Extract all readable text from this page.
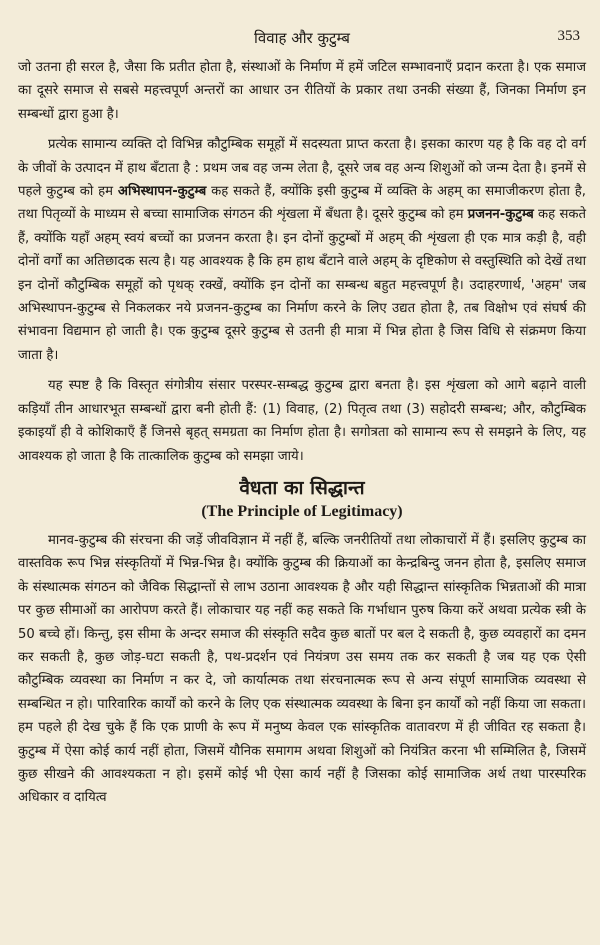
विवाह और कुटुम्ब	353

जो उतना ही सरल है, जैसा कि प्रतीत होता है, संस्थाओं के निर्माण में हमें जटिल सम्भावनाएँ प्रदान करता है। एक समाज का दूसरे समाज से सबसे महत्त्वपूर्ण अन्तरों का आधार उन रीतियों के प्रकार तथा उनकी संख्या हैं, जिनका निर्माण इन सम्बन्धों द्वारा हुआ है।

प्रत्येक सामान्य व्यक्ति दो विभिन्न कौटुम्बिक समूहों में सदस्यता प्राप्त करता है। इसका कारण यह है कि वह दो वर्ग के जीवों के उत्पादन में हाथ बँटाता है : प्रथम जब वह जन्म लेता है, दूसरे जब वह अन्य शिशुओं को जन्म देता है। इनमें से पहले कुटुम्ब को हम अभिस्थापन-कुटुम्ब कह सकते हैं, क्योंकि इसी कुटुम्ब में व्यक्ति के अहम् का समाजीकरण होता है, तथा पितृव्यों के माध्यम से बच्चा सामाजिक संगठन की शृंखला में बँधता है। दूसरे कुटुम्ब को हम प्रजनन-कुटुम्ब कह सकते हैं, क्योंकि यहाँ अहम् स्वयं बच्चों का प्रजनन करता है। इन दोनों कुटुम्बों में अहम् की शृंखला ही एक मात्र कड़ी है, वही दोनों वर्गों का अतिछादक सत्य है। यह आवश्यक है कि हम हाथ बँटाने वाले अहम् के दृष्टिकोण से वस्तुस्थिति को देखें तथा इन दोनों कौटुम्बिक समूहों को पृथक् रक्खें, क्योंकि इन दोनों का सम्बन्ध बहुत महत्त्वपूर्ण है। उदाहरणार्थ, 'अहम' जब अभिस्थापन-कुटुम्ब से निकलकर नये प्रजनन-कुटुम्ब का निर्माण करने के लिए उद्यत होता है, तब विक्षोभ एवं संघर्ष की संभावना विद्यमान हो जाती है। एक कुटुम्ब दूसरे कुटुम्ब से उतनी ही मात्रा में भिन्न होता है जिस विधि से संक्रमण किया जाता है।

यह स्पष्ट है कि विस्तृत संगोत्रीय संसार परस्पर-सम्बद्ध कुटुम्ब द्वारा बनता है। इस शृंखला को आगे बढ़ाने वाली कड़ियाँ तीन आधारभूत सम्बन्धों द्वारा बनी होती हैं: (1) विवाह, (2) पितृत्व तथा (3) सहोदरी सम्बन्ध; और, कौटुम्बिक इकाइयाँ ही वे कोशिकाएँ हैं जिनसे बृहत् समग्रता का निर्माण होता है। सगोत्रता को सामान्य रूप से समझने के लिए, यह आवश्यक हो जाता है कि तात्कालिक कुटुम्ब को समझा जाये।

वैधता का सिद्धान्त
(The Principle of Legitimacy)

मानव-कुटुम्ब की संरचना की जड़ें जीवविज्ञान में नहीं हैं, बल्कि जनरीतियों तथा लोकाचारों में हैं। इसलिए कुटुम्ब का वास्तविक रूप भिन्न संस्कृतियों में भिन्न-भिन्न है। क्योंकि कुटुम्ब की क्रियाओं का केन्द्रबिन्दु जनन होता है, इसलिए समाज के संस्थात्मक संगठन को जैविक सिद्धान्तों से लाभ उठाना आवश्यक है और यही सिद्धान्त सांस्कृतिक भिन्नताओं की मात्रा पर कुछ सीमाओं का आरोपण करते हैं। लोकाचार यह नहीं कह सकते कि गर्भाधान पुरुष किया करें अथवा प्रत्येक स्त्री के 50 बच्चे हों। किन्तु, इस सीमा के अन्दर समाज की संस्कृति सदैव कुछ बातों पर बल दे सकती है, कुछ व्यवहारों का दमन कर सकती है, कुछ जोड़-घटा सकती है, पथ-प्रदर्शन एवं नियंत्रण उस समय तक कर सकती है जब यह एक ऐसी कौटुम्बिक व्यवस्था का निर्माण न कर दे, जो कार्यात्मक तथा संरचनात्मक रूप से अन्य संपूर्ण सामाजिक व्यवस्था से सम्बन्धित न हो। पारिवारिक कार्यों को करने के लिए एक संस्थात्मक व्यवस्था के बिना इन कार्यों को नहीं किया जा सकता। हम पहले ही देख चुके हैं कि एक प्राणी के रूप में मनुष्य केवल एक सांस्कृतिक वातावरण में ही जीवित रह सकता है। कुटुम्ब में ऐसा कोई कार्य नहीं होता, जिसमें यौनिक समागम अथवा शिशुओं को नियंत्रित करना भी सम्मिलित है, जिसमें कुछ सीखने की आवश्यकता न हो। इसमें कोई भी ऐसा कार्य नहीं है जिसका कोई सामाजिक अर्थ तथा पारस्परिक अधिकार व दायित्व
